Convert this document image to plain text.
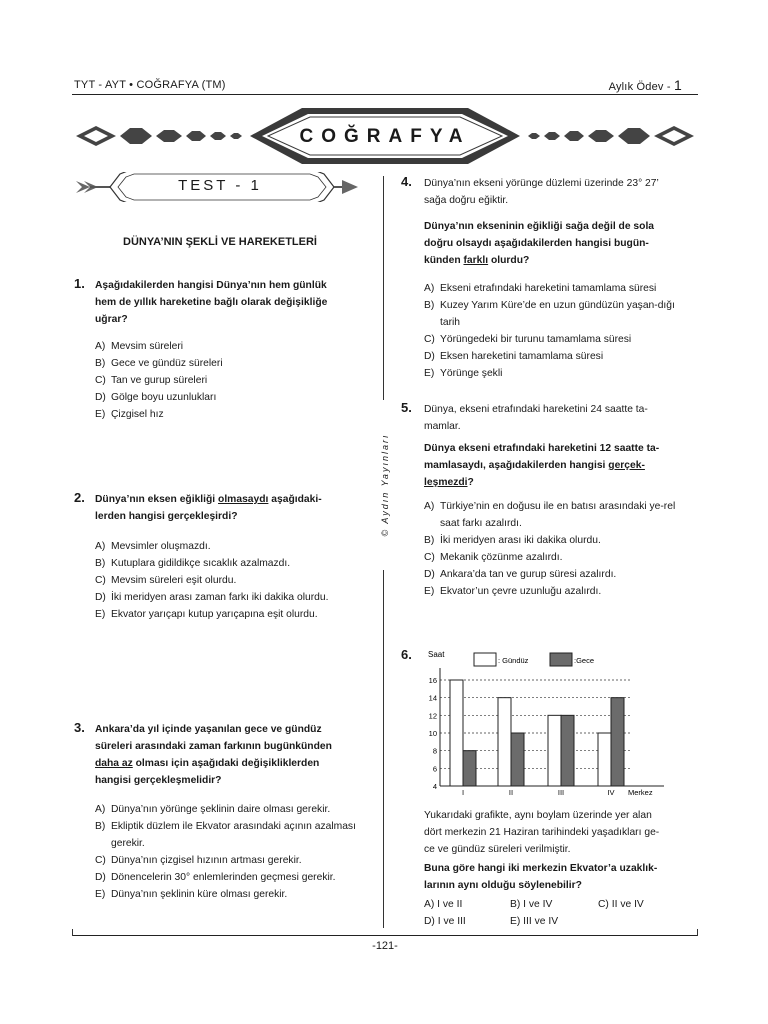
TYT - AYT • COĞRAFYA (TM)	Aylık Ödev - 1
COĞRAFYA
TEST - 1
DÜNYA’NIN ŞEKLİ VE HAREKETLERİ
© Aydın Yayınları
1. Aşağıdakilerden hangisi Dünya’nın hem günlük
hem de yıllık hareketine bağlı olarak değişikliğe
uğrar?
A) Mevsim süreleri
B) Gece ve gündüz süreleri
C) Tan ve gurup süreleri
D) Gölge boyu uzunlukları
E) Çizgisel hız
2. Dünya’nın eksen eğikliği olmasaydı aşağıdaki-
lerden hangisi gerçekleşirdi?
A) Mevsimler oluşmazdı.
B) Kutuplara gidildikçe sıcaklık azalmazdı.
C) Mevsim süreleri eşit olurdu.
D) İki meridyen arası zaman farkı iki dakika olurdu.
E) Ekvator yarıçapı kutup yarıçapına eşit olurdu.
3. Ankara’da yıl içinde yaşanılan gece ve gündüz
süreleri arasındaki zaman farkının bugünkünden
daha az olması için aşağıdaki değişikliklerden
hangisi gerçekleşmelidir?
A) Dünya’nın yörünge şeklinin daire olması gerekir.
B) Ekliptik düzlem ile Ekvator arasındaki açının azalması gerekir.
C) Dünya’nın çizgisel hızının artması gerekir.
D) Dönencelerin 30° enlemlerinden geçmesi gerekir.
E) Dünya’nın şeklinin küre olması gerekir.
4. Dünya’nın ekseni yörünge düzlemi üzerinde 23° 27’
sağa doğru eğiktir.
Dünya’nın ekseninin eğikliği sağa değil de sola
doğru olsaydı aşağıdakilerden hangisi bugün-
künden farklı olurdu?
A) Ekseni etrafındaki hareketini tamamlama süresi
B) Kuzey Yarım Küre’de en uzun gündüzün yaşan-dığı tarih
C) Yörüngedeki bir turunu tamamlama süresi
D) Eksen hareketini tamamlama süresi
E) Yörünge şekli
5. Dünya, ekseni etrafındaki hareketini 24 saatte ta-
mamlar.
Dünya ekseni etrafındaki hareketini 12 saatte ta-
mamlasaydı, aşağıdakilerden hangisi gerçek-
leşmezdi?
A) Türkiye’nin en doğusu ile en batısı arasındaki ye-rel saat farkı azalırdı.
B) İki meridyen arası iki dakika olurdu.
C) Mekanik çözünme azalırdı.
D) Ankara’da tan ve gurup süresi azalırdı.
E) Ekvator’un çevre uzunluğu azalırdı.
6. Saat
: Gündüz	:Gece
4
6
8
10
12
14
16
I	II	III	IV Merkez
Yukarıdaki grafikte, aynı boylam üzerinde yer alan
dört merkezin 21 Haziran tarihindeki yaşadıkları ge-
ce ve gündüz süreleri verilmiştir.
Buna göre hangi iki merkezin Ekvator’a uzaklık-
larının aynı olduğu söylenebilir?
A) I ve II	B) I ve IV	C) II ve IV
D) I ve III	E) III ve IV
-121-
